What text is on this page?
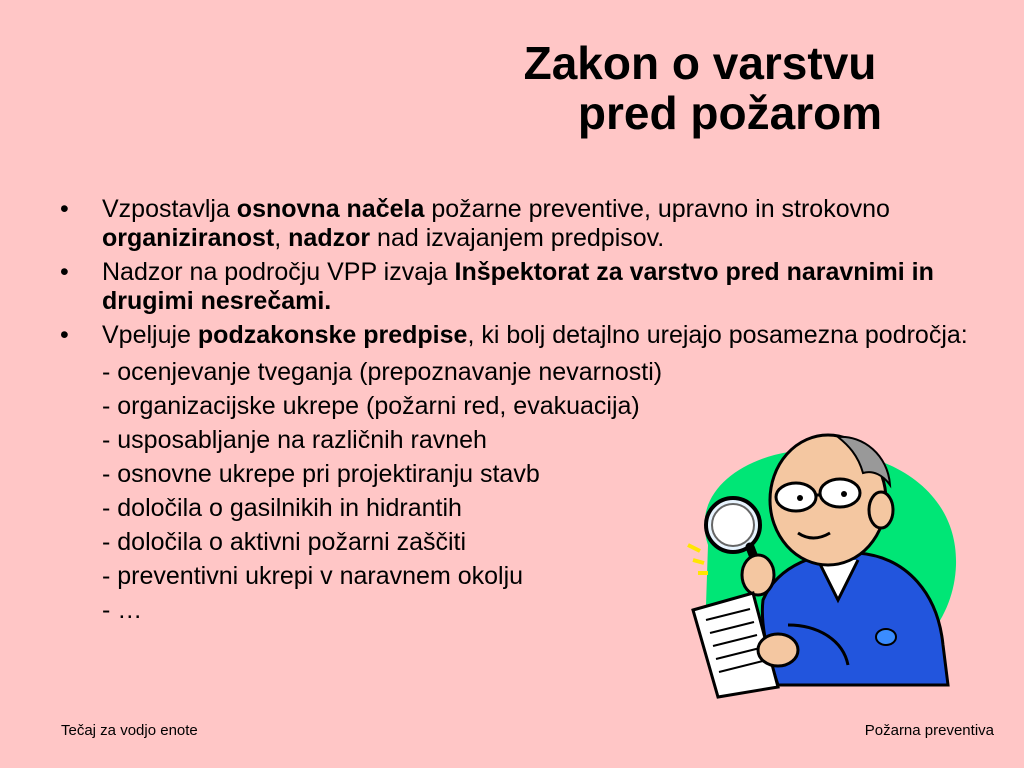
Zakon o varstvu
pred požarom
• Vzpostavlja osnovna načela požarne preventive, upravno in strokovno organiziranost, nadzor nad izvajanjem predpisov.
• Nadzor na področju VPP izvaja Inšpektorat za varstvo pred naravnimi in drugimi nesrečami.
• Vpeljuje podzakonske predpise, ki bolj detajlno urejajo posamezna področja:
- ocenjevanje tveganja (prepoznavanje nevarnosti)
- organizacijske ukrepe (požarni red, evakuacija)
- usposabljanje na različnih ravneh
- osnovne ukrepe pri projektiranju stavb
- določila o gasilnikih in hidrantih
- določila o aktivni požarni zaščiti
- preventivni ukrepi v naravnem okolju
- …
Tečaj za vodjo enote	Požarna preventiva
